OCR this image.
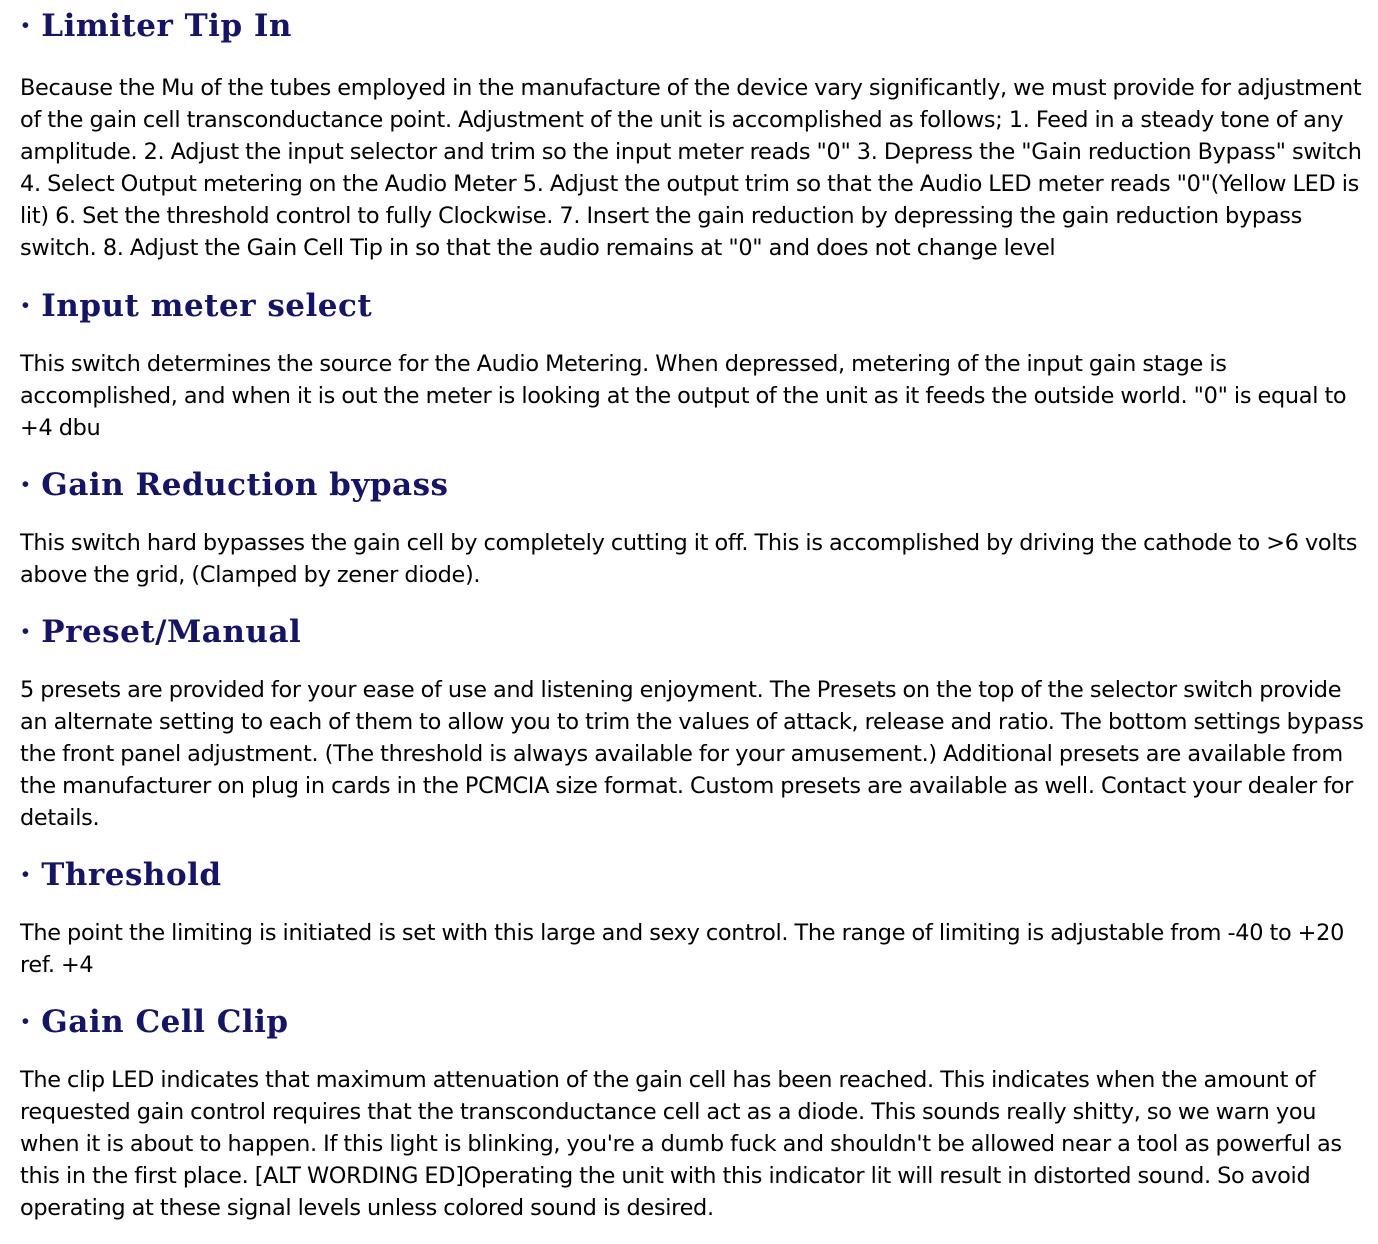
· Limiter Tip In

Because the Mu of the tubes employed in the manufacture of the device vary significantly, we must provide for adjustment of the gain cell transconductance point. Adjustment of the unit is accomplished as follows; 1. Feed in a steady tone of any amplitude. 2. Adjust the input selector and trim so the input meter reads "0" 3. Depress the "Gain reduction Bypass" switch 4. Select Output metering on the Audio Meter 5. Adjust the output trim so that the Audio LED meter reads "0"(Yellow LED is lit) 6. Set the threshold control to fully Clockwise. 7. Insert the gain reduction by depressing the gain reduction bypass switch. 8. Adjust the Gain Cell Tip in so that the audio remains at "0" and does not change level

· Input meter select

This switch determines the source for the Audio Metering. When depressed, metering of the input gain stage is accomplished, and when it is out the meter is looking at the output of the unit as it feeds the outside world. "0" is equal to +4 dbu

· Gain Reduction bypass

This switch hard bypasses the gain cell by completely cutting it off. This is accomplished by driving the cathode to >6 volts above the grid, (Clamped by zener diode).

· Preset/Manual

5 presets are provided for your ease of use and listening enjoyment. The Presets on the top of the selector switch provide an alternate setting to each of them to allow you to trim the values of attack, release and ratio. The bottom settings bypass the front panel adjustment. (The threshold is always available for your amusement.) Additional presets are available from the manufacturer on plug in cards in the PCMCIA size format. Custom presets are available as well. Contact your dealer for details.

· Threshold

The point the limiting is initiated is set with this large and sexy control. The range of limiting is adjustable from -40 to +20 ref. +4

· Gain Cell Clip

The clip LED indicates that maximum attenuation of the gain cell has been reached. This indicates when the amount of requested gain control requires that the transconductance cell act as a diode. This sounds really shitty, so we warn you when it is about to happen. If this light is blinking, you're a dumb fuck and shouldn't be allowed near a tool as powerful as this in the first place. [ALT WORDING ED]Operating the unit with this indicator lit will result in distorted sound. So avoid operating at these signal levels unless colored sound is desired.
